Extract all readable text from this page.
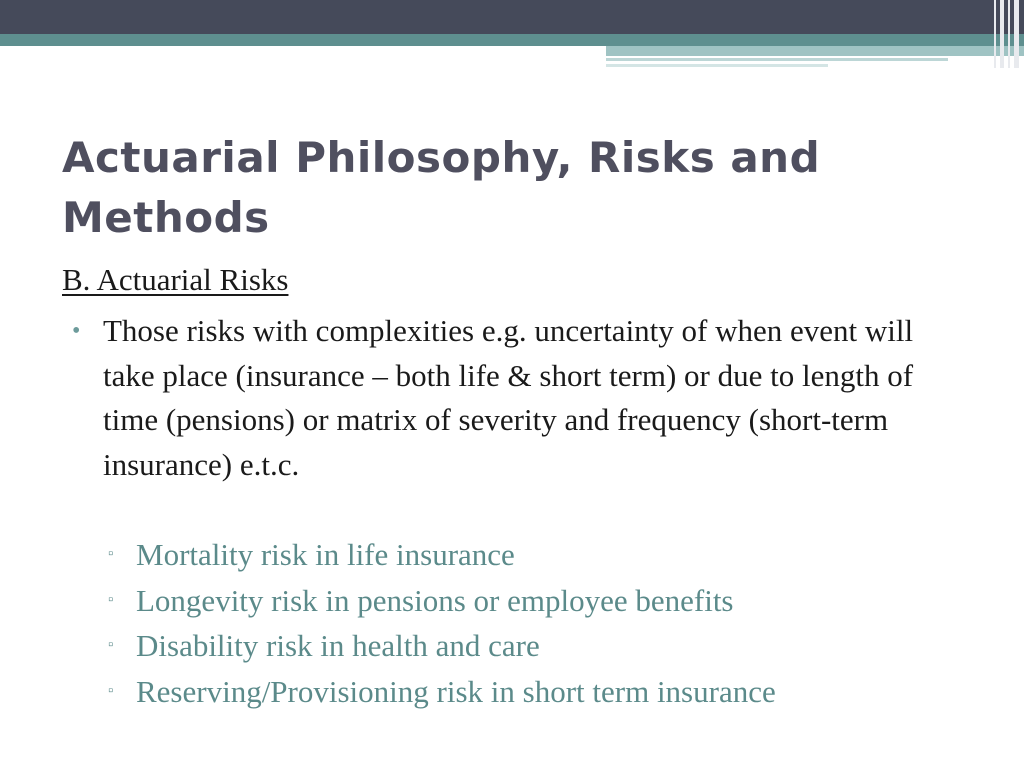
Actuarial Philosophy, Risks and Methods

B. Actuarial Risks

• Those risks with complexities e.g. uncertainty of when event will take place (insurance – both life & short term) or due to length of time (pensions) or matrix of severity and frequency (short-term insurance) e.t.c.
▫ Mortality risk in life insurance
▫ Longevity risk in pensions or employee benefits
▫ Disability risk in health and care
▫ Reserving/Provisioning risk in short term insurance
